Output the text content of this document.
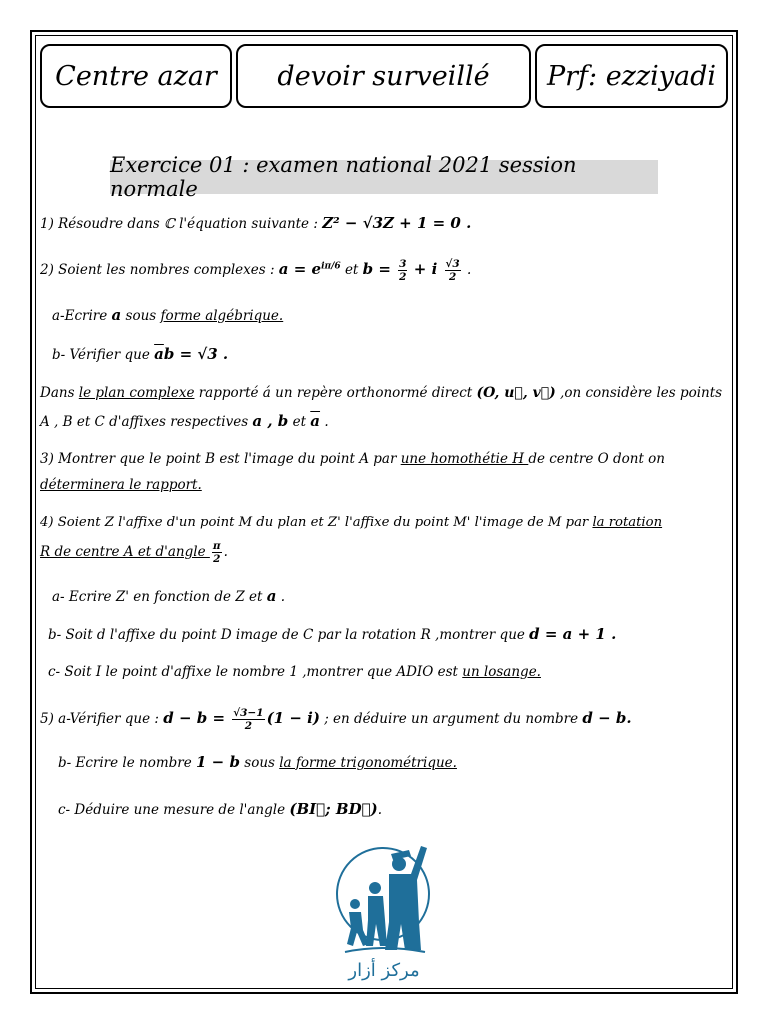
Centre azar	devoir surveillé	Prf: ezziyadi
Exercice 01 : examen national 2021 session normale
1) Résoudre dans ℂ l'équation suivante : Z² − √3Z + 1 = 0 .
2) Soient les nombres complexes : $a = e^{i\pi/6}$ et $b = \frac{3}{2} + i \frac{√3}{2}$ .
a-Ecrire a sous forme algébrique.
b- Vérifier que $\overline{a}b = √3$ .
Dans le plan complexe rapporté á un repère orthonormé direct (O, u⃗, v⃗) ,on considère les points
A , B et C d'affixes respectives a , b et $\overline{a}$ .
3) Montrer que le point B est l'image du point A par une homothétie H de centre O dont on
déterminera le rapport.
4) Soient Z l'affixe d'un point M du plan et Z' l'affixe du point M' l'image de M par la rotation
R de centre A et d'angle $\frac{\pi}{2}$ .
a- Ecrire Z' en fonction de Z et a .
b- Soit d l'affixe du point D image de C par la rotation R ,montrer que d = a + 1 .
c- Soit I le point d'affixe le nombre 1 ,montrer que ADIO est un losange.
5) a-Vérifier que : $d - b = \frac{√3-1}{2} (1 - i)$ ; en déduire un argument du nombre d − b.
b- Ecrire le nombre 1 − b sous la forme trigonométrique.
c- Déduire une mesure de l'angle (BI⃗; BD⃗).
مركز أزار
